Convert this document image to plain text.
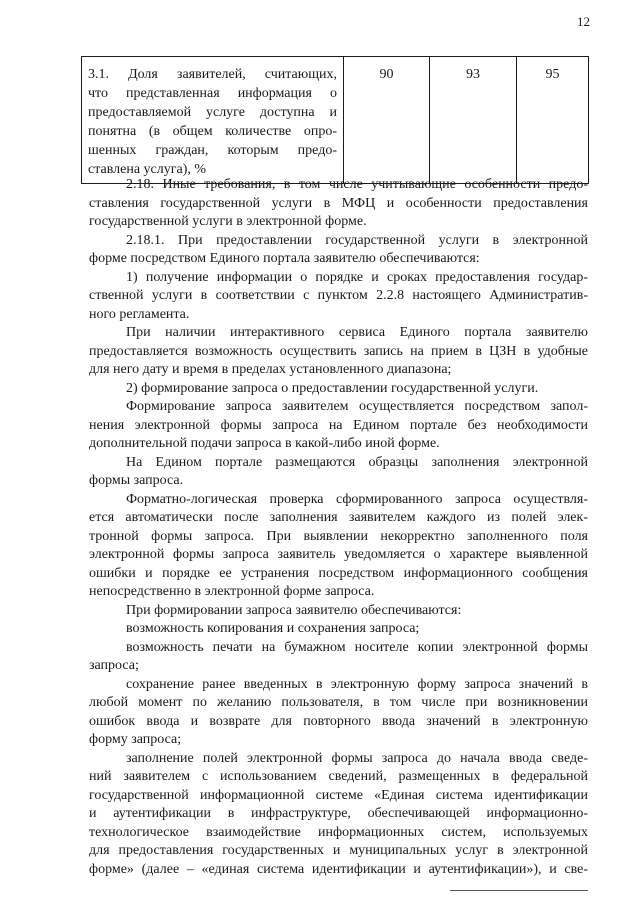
12
3.1. Доля заявителей, считающих,
что представленная информация о
предоставляемой услуге доступна и
понятна (в общем количестве опро-
шенных граждан, которым предо-
ставлена услуга), %
	90	93	95
2.18. Иные требования, в том числе учитывающие особенности предо-
ставления государственной услуги в МФЦ и особенности предоставления
государственной услуги в электронной форме.
2.18.1. При предоставлении государственной услуги в электронной
форме посредством Единого портала заявителю обеспечиваются:
1) получение информации о порядке и сроках предоставления государ-
ственной услуги в соответствии с пунктом 2.2.8 настоящего Административ-
ного регламента.
При наличии интерактивного сервиса Единого портала заявителю
предоставляется возможность осуществить запись на прием в ЦЗН в удобные
для него дату и время в пределах установленного диапазона;
2) формирование запроса о предоставлении государственной услуги.
Формирование запроса заявителем осуществляется посредством запол-
нения электронной формы запроса на Едином портале без необходимости
дополнительной подачи запроса в какой-либо иной форме.
На Едином портале размещаются образцы заполнения электронной
формы запроса.
Форматно-логическая проверка сформированного запроса осуществля-
ется автоматически после заполнения заявителем каждого из полей элек-
тронной формы запроса. При выявлении некорректно заполненного поля
электронной формы запроса заявитель уведомляется о характере выявленной
ошибки и порядке ее устранения посредством информационного сообщения
непосредственно в электронной форме запроса.
При формировании запроса заявителю обеспечиваются:
возможность копирования и сохранения запроса;
возможность печати на бумажном носителе копии электронной формы
запроса;
сохранение ранее введенных в электронную форму запроса значений в
любой момент по желанию пользователя, в том числе при возникновении
ошибок ввода и возврате для повторного ввода значений в электронную
форму запроса;
заполнение полей электронной формы запроса до начала ввода сведе-
ний заявителем с использованием сведений, размещенных в федеральной
государственной информационной системе «Единая система идентификации
и аутентификации в инфраструктуре, обеспечивающей информационно-
технологическое взаимодействие информационных систем, используемых
для предоставления государственных и муниципальных услуг в электронной
форме» (далее – «единая система идентификации и аутентификации»), и све-
